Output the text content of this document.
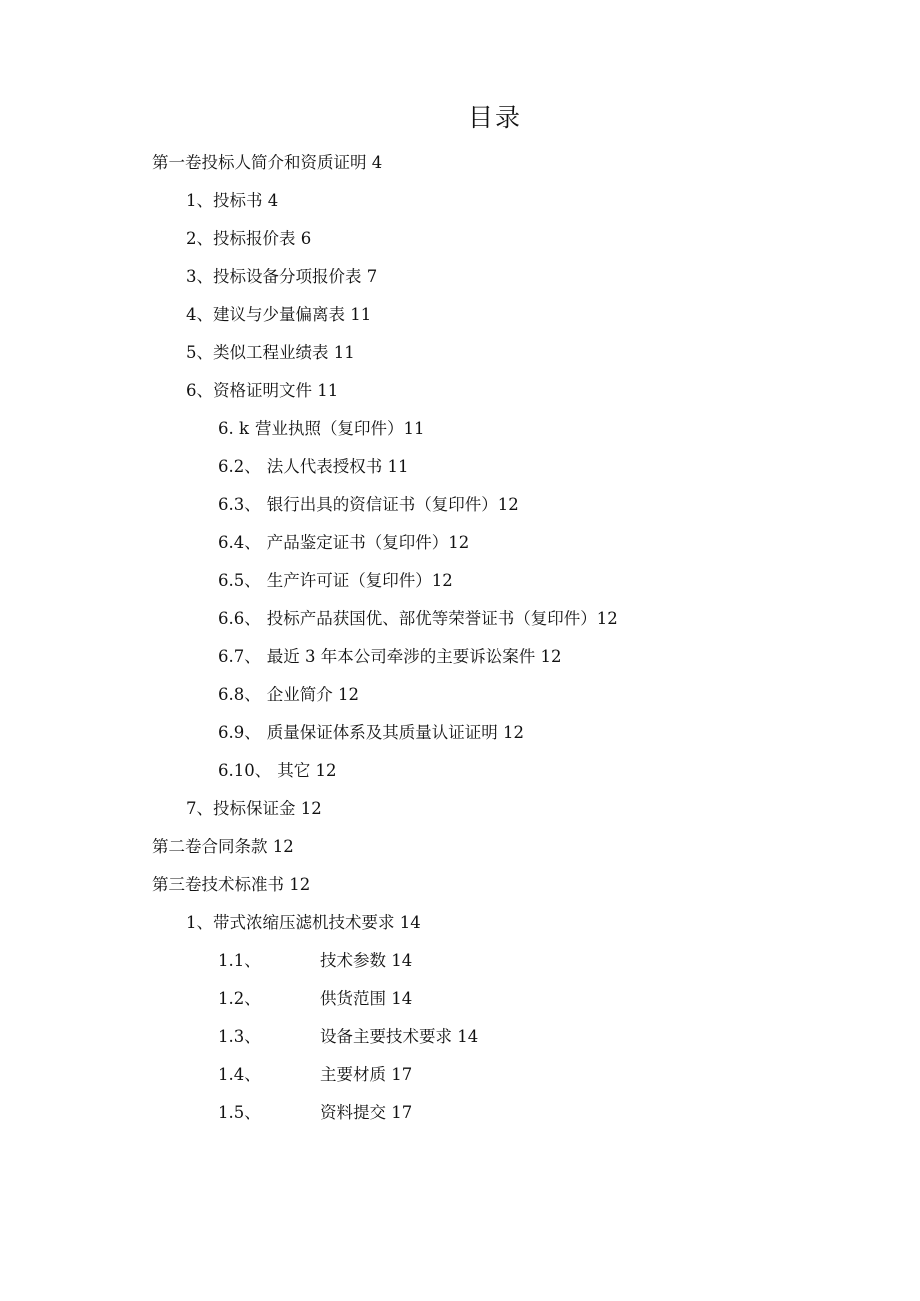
目录
第一卷投标人简介和资质证明 4
1、投标书 4
2、投标报价表 6
3、投标设备分项报价表 7
4、建议与少量偏离表 11
5、类似工程业绩表 11
6、资格证明文件 11
6. k 营业执照（复印件）11
6.2、 法人代表授权书 11
6.3、 银行出具的资信证书（复印件）12
6.4、 产品鉴定证书（复印件）12
6.5、 生产许可证（复印件）12
6.6、 投标产品获国优、部优等荣誉证书（复印件）12
6.7、 最近 3 年本公司牵涉的主要诉讼案件 12
6.8、 企业简介 12
6.9、 质量保证体系及其质量认证证明 12
6.10、 其它 12
7、投标保证金 12
第二卷合同条款 12
第三卷技术标准书 12
1、带式浓缩压滤机技术要求 14
1.1、	技术参数 14
1.2、	供货范围 14
1.3、	设备主要技术要求 14
1.4、	主要材质 17
1.5、	资料提交 17
